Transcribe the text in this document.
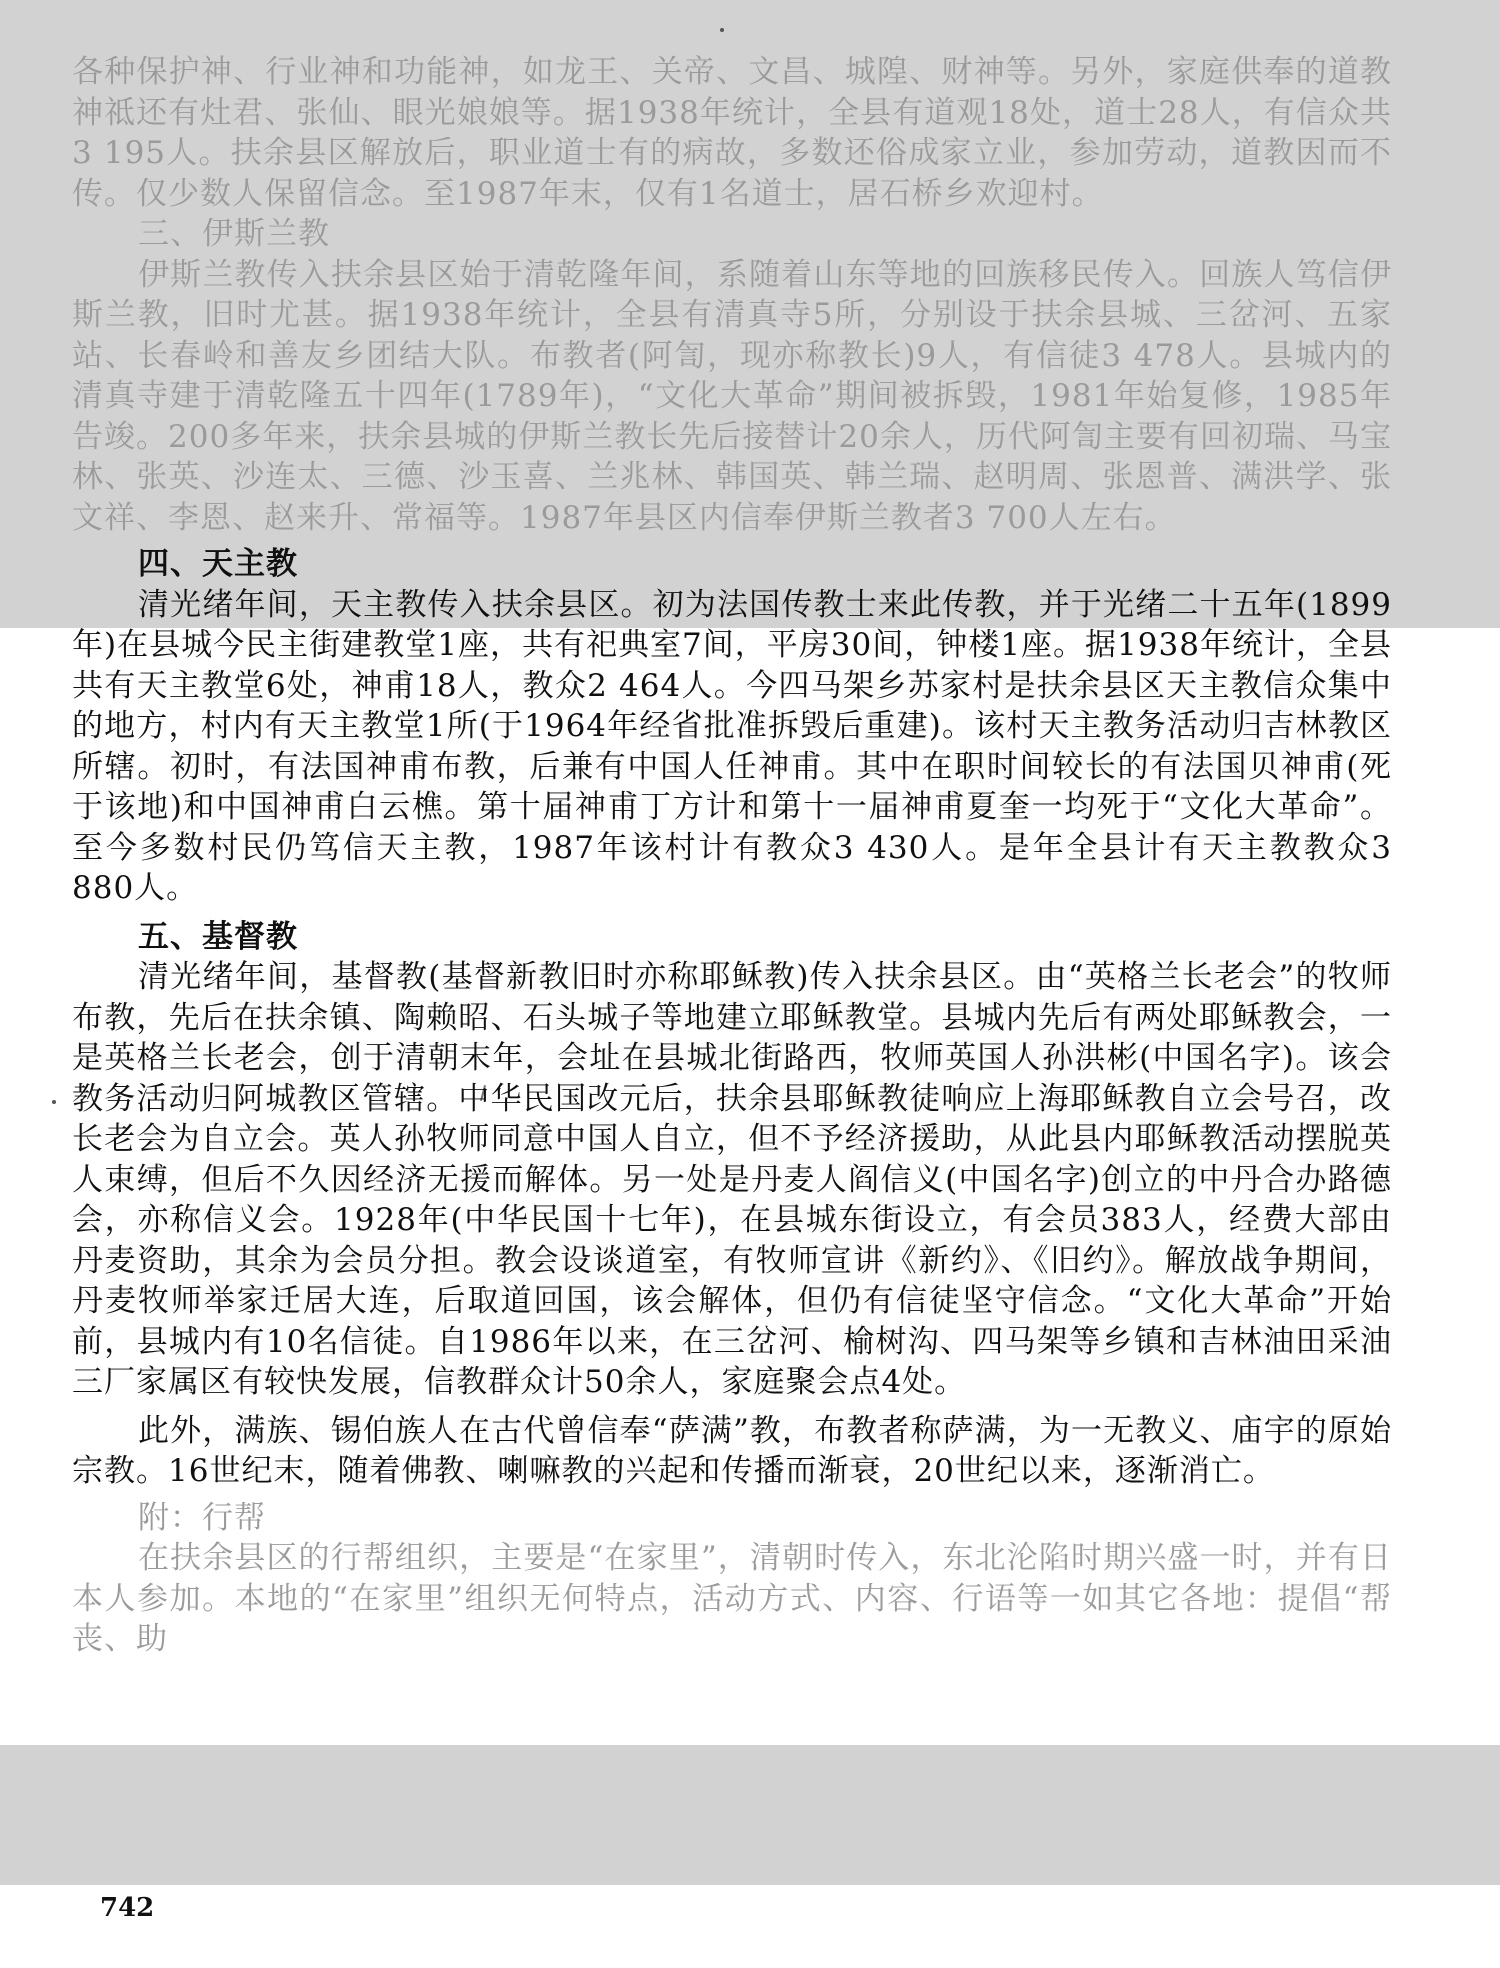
各种保护神、行业神和功能神，如龙王、关帝、文昌、城隍、财神等。另外，家庭供奉的道教神祗还有灶君、张仙、眼光娘娘等。据1938年统计，全县有道观18处，道士28人，有信众共3 195人。扶余县区解放后，职业道士有的病故，多数还俗成家立业，参加劳动，道教因而不传。仅少数人保留信念。至1987年末，仅有1名道士，居石桥乡欢迎村。

三、伊斯兰教

伊斯兰教传入扶余县区始于清乾隆年间，系随着山东等地的回族移民传入。回族人笃信伊斯兰教，旧时尤甚。据1938年统计，全县有清真寺5所，分别设于扶余县城、三岔河、五家站、长春岭和善友乡团结大队。布教者(阿訇，现亦称教长)9人，有信徒3 478人。县城内的清真寺建于清乾隆五十四年(1789年)，“文化大革命”期间被拆毁，1981年始复修，1985年告竣。200多年来，扶余县城的伊斯兰教长先后接替计20余人，历代阿訇主要有回初瑞、马宝林、张英、沙连太、三德、沙玉喜、兰兆林、韩国英、韩兰瑞、赵明周、张恩普、满洪学、张文祥、李恩、赵来升、常福等。1987年县区内信奉伊斯兰教者3 700人左右。

四、天主教

清光绪年间，天主教传入扶余县区。初为法国传教士来此传教，并于光绪二十五年(1899年)在县城今民主街建教堂1座，共有祀典室7间，平房30间，钟楼1座。据1938年统计，全县共有天主教堂6处，神甫18人，教众2 464人。今四马架乡苏家村是扶余县区天主教信众集中的地方，村内有天主教堂1所(于1964年经省批准拆毁后重建)。该村天主教务活动归吉林教区所辖。初时，有法国神甫布教，后兼有中国人任神甫。其中在职时间较长的有法国贝神甫(死于该地)和中国神甫白云樵。第十届神甫丁方计和第十一届神甫夏奎一均死于“文化大革命”。至今多数村民仍笃信天主教，1987年该村计有教众3 430人。是年全县计有天主教教众3 880人。

五、基督教

清光绪年间，基督教(基督新教旧时亦称耶稣教)传入扶余县区。由“英格兰长老会”的牧师布教，先后在扶余镇、陶赖昭、石头城子等地建立耶稣教堂。县城内先后有两处耶稣教会，一是英格兰长老会，创于清朝末年，会址在县城北街路西，牧师英国人孙洪彬(中国名字)。该会教务活动归阿城教区管辖。中华民国改元后，扶余县耶稣教徒响应上海耶稣教自立会号召，改长老会为自立会。英人孙牧师同意中国人自立，但不予经济援助，从此县内耶稣教活动摆脱英人束缚，但后不久因经济无援而解体。另一处是丹麦人阎信义(中国名字)创立的中丹合办路德会，亦称信义会。1928年(中华民国十七年)，在县城东街设立，有会员383人，经费大部由丹麦资助，其余为会员分担。教会设谈道室，有牧师宣讲《新约》、《旧约》。解放战争期间，丹麦牧师举家迁居大连，后取道回国，该会解体，但仍有信徒坚守信念。“文化大革命”开始前，县城内有10名信徒。自1986年以来，在三岔河、榆树沟、四马架等乡镇和吉林油田采油三厂家属区有较快发展，信教群众计50余人，家庭聚会点4处。

此外，满族、锡伯族人在古代曾信奉“萨满”教，布教者称萨满，为一无教义、庙宇的原始宗教。16世纪末，随着佛教、喇嘛教的兴起和传播而渐衰，20世纪以来，逐渐消亡。

附：行帮

在扶余县区的行帮组织，主要是“在家里”，清朝时传入，东北沦陷时期兴盛一时，并有日本人参加。本地的“在家里”组织无何特点，活动方式、内容、行语等一如其它各地：提倡“帮丧、助

742
